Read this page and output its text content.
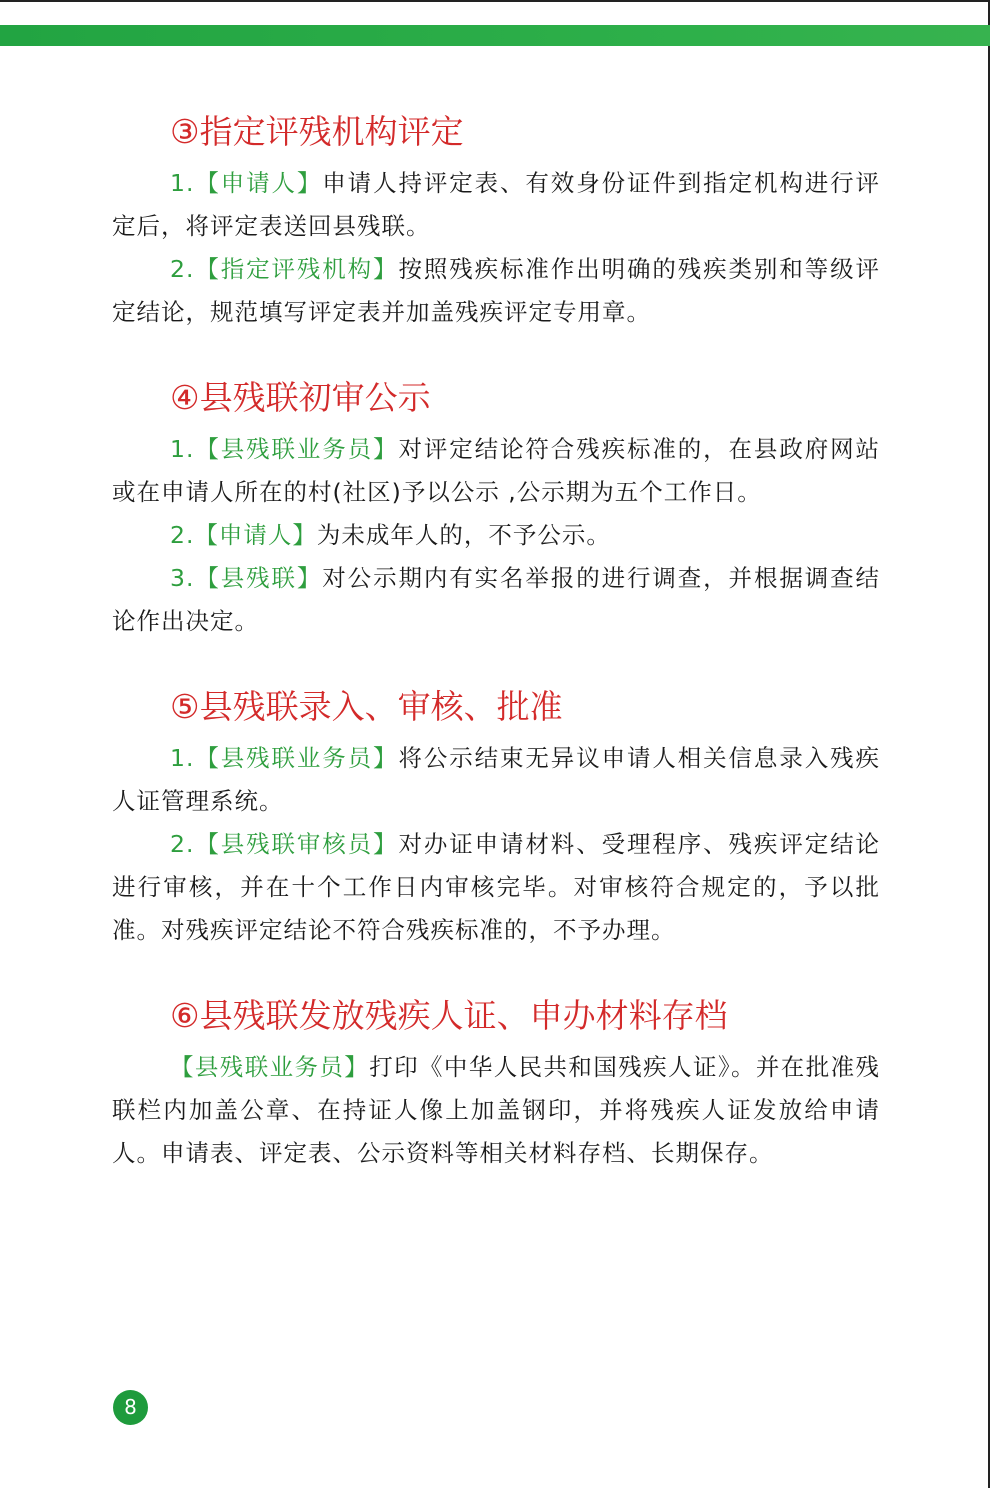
③指定评残机构评定

1.【申请人】申请人持评定表、有效身份证件到指定机构进行评定后，将评定表送回县残联。

2.【指定评残机构】按照残疾标准作出明确的残疾类别和等级评定结论，规范填写评定表并加盖残疾评定专用章。

④县残联初审公示

1.【县残联业务员】对评定结论符合残疾标准的，在县政府网站或在申请人所在的村(社区)予以公示 ,公示期为五个工作日。

2.【申请人】为未成年人的，不予公示。

3.【县残联】对公示期内有实名举报的进行调查，并根据调查结论作出决定。

⑤县残联录入、审核、批准

1.【县残联业务员】将公示结束无异议申请人相关信息录入残疾人证管理系统。

2.【县残联审核员】对办证申请材料、受理程序、残疾评定结论进行审核，并在十个工作日内审核完毕。对审核符合规定的，予以批准。对残疾评定结论不符合残疾标准的，不予办理。

⑥县残联发放残疾人证、申办材料存档

【县残联业务员】打印《中华人民共和国残疾人证》。并在批准残联栏内加盖公章、在持证人像上加盖钢印，并将残疾人证发放给申请人。申请表、评定表、公示资料等相关材料存档、长期保存。

8
